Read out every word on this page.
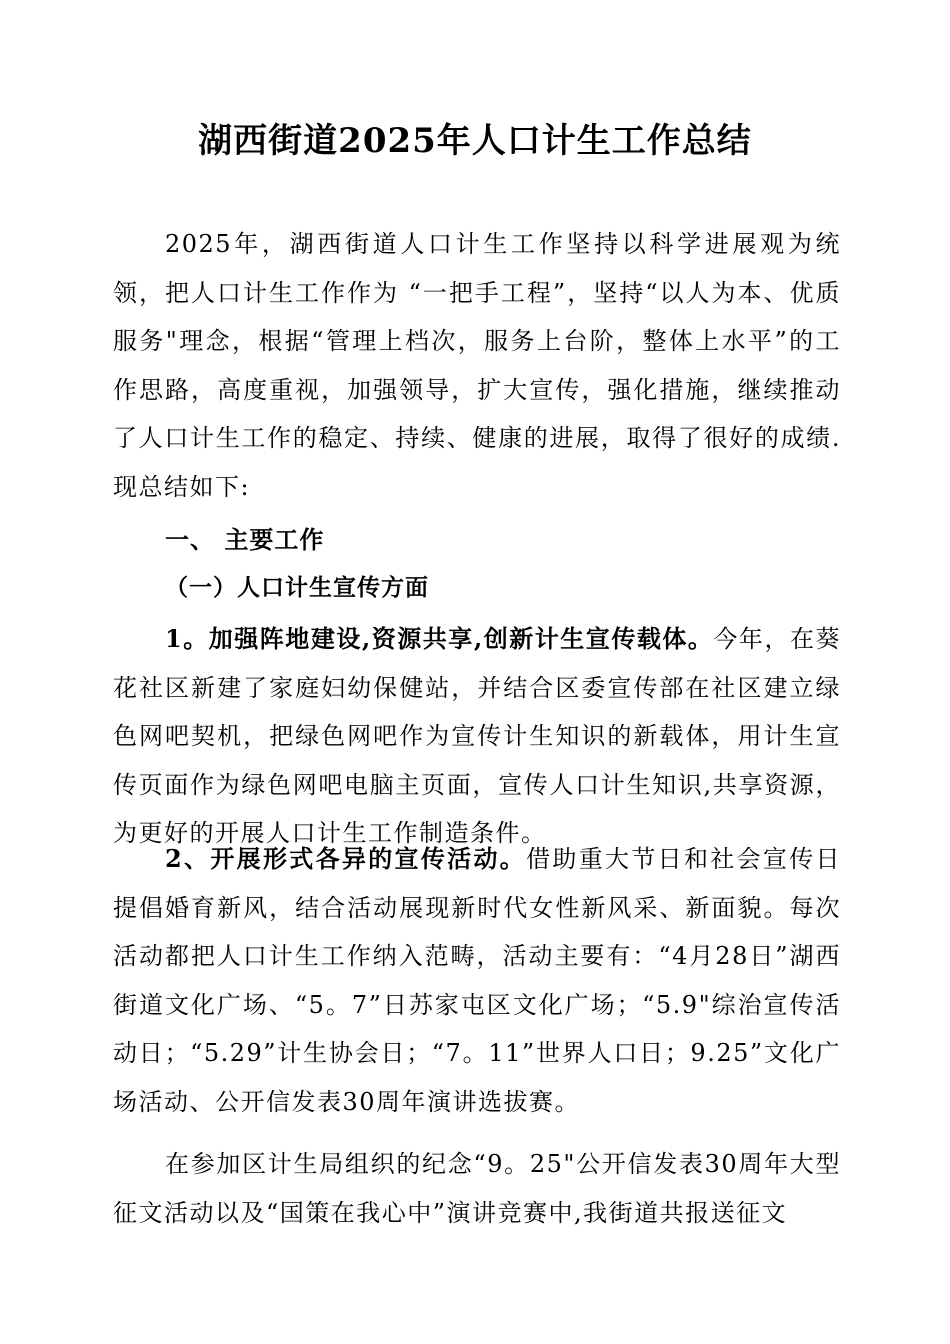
湖西街道2025年人口计生工作总结

2025年，湖西街道人口计生工作坚持以科学进展观为统领，把人口计生工作作为 “一把手工程”，坚持“以人为本、优质服务"理念，根据“管理上档次，服务上台阶，整体上水平”的工作思路，高度重视，加强领导，扩大宣传，强化措施，继续推动了人口计生工作的稳定、持续、健康的进展，取得了很好的成绩.现总结如下:

一、 主要工作

（一）人口计生宣传方面

1。加强阵地建设,资源共享,创新计生宣传载体。今年，在葵花社区新建了家庭妇幼保健站，并结合区委宣传部在社区建立绿色网吧契机，把绿色网吧作为宣传计生知识的新载体，用计生宣传页面作为绿色网吧电脑主页面，宣传人口计生知识,共享资源，为更好的开展人口计生工作制造条件。

2、开展形式各异的宣传活动。借助重大节日和社会宣传日提倡婚育新风，结合活动展现新时代女性新风采、新面貌。每次活动都把人口计生工作纳入范畴，活动主要有：“4月28日”湖西街道文化广场、“5。7”日苏家屯区文化广场；“5.9"综治宣传活动日；“5.29”计生协会日；“7。11”世界人口日；9.25”文化广场活动、公开信发表30周年演讲选拔赛。

在参加区计生局组织的纪念“9。25"公开信发表30周年大型征文活动以及“国策在我心中”演讲竞赛中,我街道共报送征文
